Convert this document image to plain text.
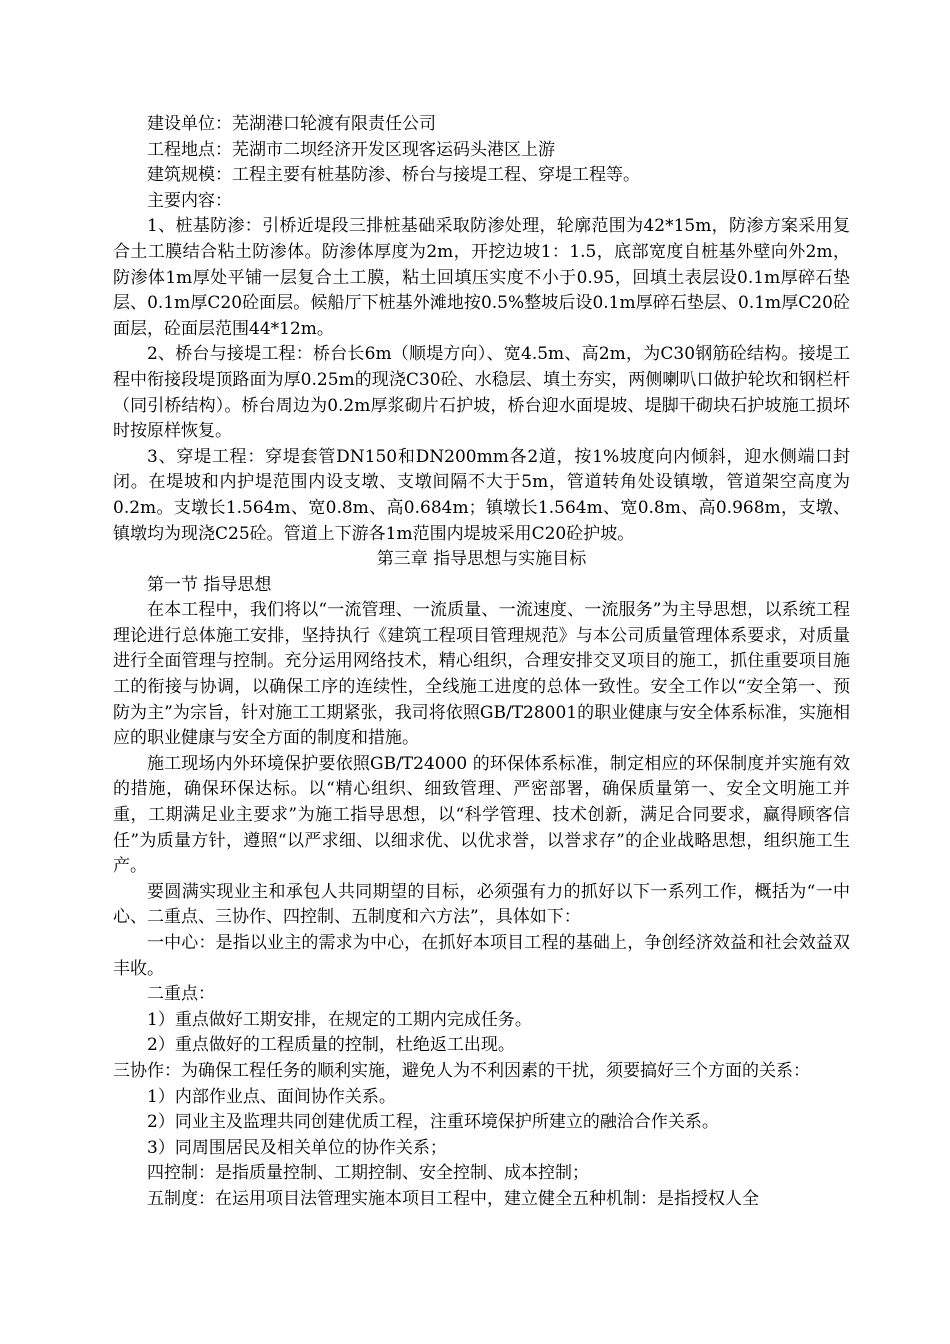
建设单位：芜湖港口轮渡有限责任公司

工程地点：芜湖市二坝经济开发区现客运码头港区上游

建筑规模：工程主要有桩基防渗、桥台与接堤工程、穿堤工程等。

主要内容：

1、桩基防渗：引桥近堤段三排桩基础采取防渗处理，轮廓范围为42*15m，防渗方案采用复合土工膜结合粘土防渗体。防渗体厚度为2m，开挖边坡1：1.5，底部宽度自桩基外壁向外2m，防渗体1m厚处平铺一层复合土工膜，粘土回填压实度不小于0.95，回填土表层设0.1m厚碎石垫层、0.1m厚C20砼面层。候船厅下桩基外滩地按0.5%整坡后设0.1m厚碎石垫层、0.1m厚C20砼面层，砼面层范围44*12m。

2、桥台与接堤工程：桥台长6m（顺堤方向）、宽4.5m、高2m，为C30钢筋砼结构。接堤工程中衔接段堤顶路面为厚0.25m的现浇C30砼、水稳层、填土夯实，两侧喇叭口做护轮坎和钢栏杆（同引桥结构）。桥台周边为0.2m厚浆砌片石护坡，桥台迎水面堤坡、堤脚干砌块石护坡施工损坏时按原样恢复。

3、穿堤工程：穿堤套管DN150和DN200mm各2道，按1%坡度向内倾斜，迎水侧端口封闭。在堤坡和内护堤范围内设支墩、支墩间隔不大于5m，管道转角处设镇墩，管道架空高度为0.2m。支墩长1.564m、宽0.8m、高0.684m；镇墩长1.564m、宽0.8m、高0.968m，支墩、镇墩均为现浇C25砼。管道上下游各1m范围内堤坡采用C20砼护坡。

第三章 指导思想与实施目标

第一节 指导思想

在本工程中，我们将以“一流管理、一流质量、一流速度、一流服务”为主导思想，以系统工程理论进行总体施工安排，坚持执行《建筑工程项目管理规范》与本公司质量管理体系要求，对质量进行全面管理与控制。充分运用网络技术，精心组织，合理安排交叉项目的施工，抓住重要项目施工的衔接与协调，以确保工序的连续性，全线施工进度的总体一致性。安全工作以“安全第一、预防为主”为宗旨，针对施工工期紧张，我司将依照GB/T28001的职业健康与安全体系标准，实施相应的职业健康与安全方面的制度和措施。

施工现场内外环境保护要依照GB/T24000 的环保体系标准，制定相应的环保制度并实施有效的措施，确保环保达标。以“精心组织、细致管理、严密部署，确保质量第一、安全文明施工并重，工期满足业主要求”为施工指导思想，以“科学管理、技术创新，满足合同要求，赢得顾客信任”为质量方针，遵照“以严求细、以细求优、以优求誉，以誉求存”的企业战略思想，组织施工生产。

要圆满实现业主和承包人共同期望的目标，必须强有力的抓好以下一系列工作，概括为“一中心、二重点、三协作、四控制、五制度和六方法”，具体如下：

一中心：是指以业主的需求为中心，在抓好本项目工程的基础上，争创经济效益和社会效益双丰收。

二重点：

1）重点做好工期安排，在规定的工期内完成任务。

2）重点做好的工程质量的控制，杜绝返工出现。

三协作：为确保工程任务的顺利实施，避免人为不利因素的干扰，须要搞好三个方面的关系：

1）内部作业点、面间协作关系。

2）同业主及监理共同创建优质工程，注重环境保护所建立的融洽合作关系。

3）同周围居民及相关单位的协作关系；

四控制：是指质量控制、工期控制、安全控制、成本控制；

五制度：在运用项目法管理实施本项目工程中，建立健全五种机制：是指授权人全
